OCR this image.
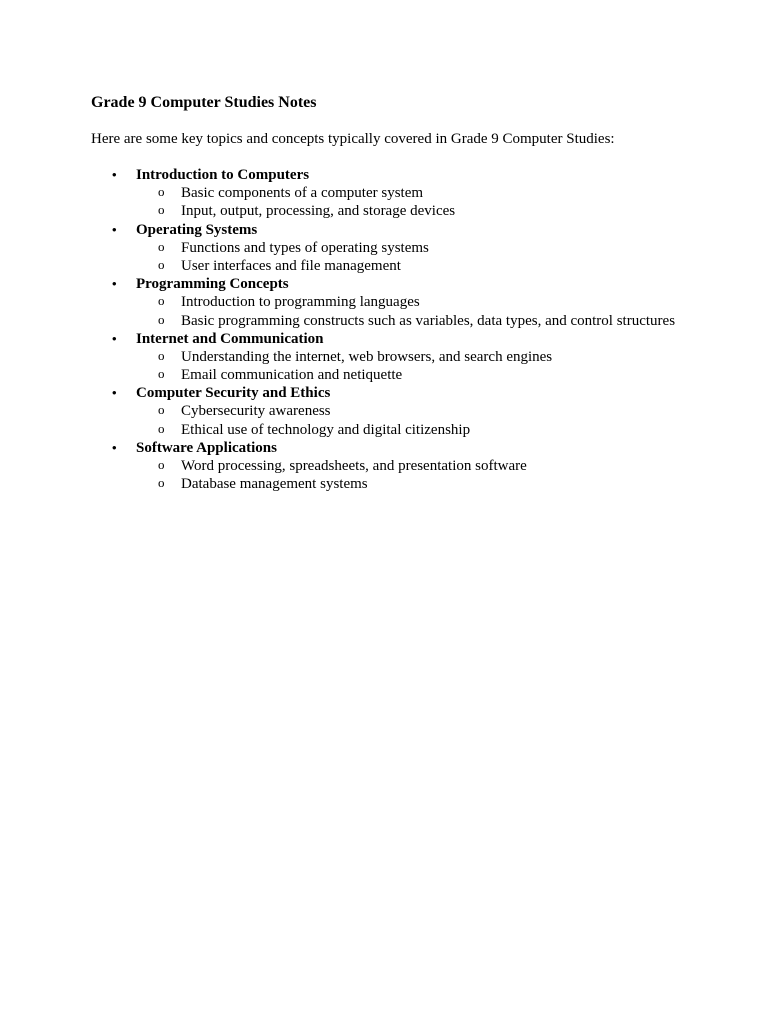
Grade 9 Computer Studies Notes

Here are some key topics and concepts typically covered in Grade 9 Computer Studies:

• Introduction to Computers
o Basic components of a computer system
o Input, output, processing, and storage devices
• Operating Systems
o Functions and types of operating systems
o User interfaces and file management
• Programming Concepts
o Introduction to programming languages
o Basic programming constructs such as variables, data types, and control structures
• Internet and Communication
o Understanding the internet, web browsers, and search engines
o Email communication and netiquette
• Computer Security and Ethics
o Cybersecurity awareness
o Ethical use of technology and digital citizenship
• Software Applications
o Word processing, spreadsheets, and presentation software
o Database management systems
